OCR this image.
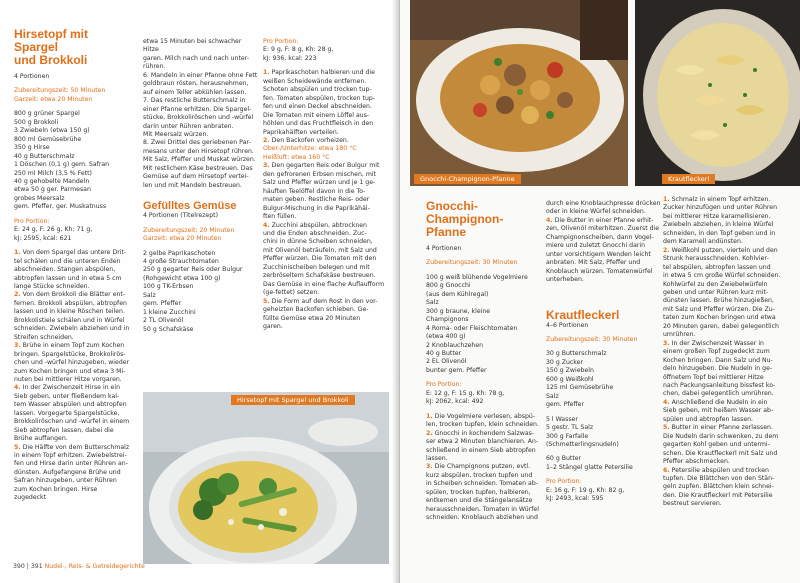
Hirsetopf mit Spargel
und Brokkoli

4 Portionen

Zubereitungszeit: 50 Minuten

Garzeit: etwa 20 Minuten

800 g grüner Spargel

500 g Brokkoli

3 Zwiebeln (etwa 150 g)

800 ml Gemüsebrühe

350 g Hirse

40 g Butterschmalz

1 Döschen (0,1 g) gem. Safran

250 ml Milch (3,5 % Fett)

40 g gehobelte Mandeln

etwa 50 g ger. Parmesan

grobes Meersalz

gem. Pfeffer, ger. Muskatnuss

Pro Portion:

E: 24 g, F: 26 g, Kh: 71 g,

kJ: 2595, kcal: 621

1. Von dem Spargel das untere Drit-

tel schälen und die unteren Enden

abschneiden. Stangen abspülen,

abtropfen lassen und in etwa 5 cm

lange Stücke schneiden.

2. Von dem Brokkoli die Blätter ent-

fernen. Brokkoli abspülen, abtropfen

lassen und in kleine Röschen teilen.

Brokkolistiele schälen und in Würfel

schneiden. Zwiebeln abziehen und in

Streifen schneiden.

3. Brühe in einem Topf zum Kochen

bringen. Spargelstücke, Brokkolirös-

chen und -würfel hinzugeben, wieder

zum Kochen bringen und etwa 3 Mi-

nuten bei mittlerer Hitze vorgaren.

4. In der Zwischenzeit Hirse in ein

Sieb geben, unter fließendem kal-

tem Wasser abspülen und abtropfen

lassen. Vorgegarte Spargelstücke,

Brokkoliröschen und -würfel in einem

Sieb abtropfen lassen, dabei die

Brühe auffangen.

5. Die Hälfte von dem Butterschmalz

in einem Topf erhitzen. Zwiebelstrei-

fen und Hirse darin unter Rühren an-

dünsten. Aufgefangene Brühe und

Safran hinzugeben, unter Rühren

zum Kochen bringen. Hirse zugedeckt

etwa 15 Minuten bei schwacher Hitze

garen. Milch nach und nach unter-

rühren.

6. Mandeln in einer Pfanne ohne Fett

goldbraun rösten, herausnehmen,

auf einem Teller abkühlen lassen.

7. Das restliche Butterschmalz in

einer Pfanne erhitzen. Die Spargel-

stücke, Brokkoliröschen und -würfel

darin unter Rühren anbraten.

Mit Meersalz würzen.

8. Zwei Drittel des geriebenen Par-

mesans unter den Hirsetopf rühren.

Mit Salz, Pfeffer und Muskat würzen.

Mit restlichem Käse bestreuen. Das

Gemüse auf dem Hirsetopf vertei-

len und mit Mandeln bestreuen.

Gefülltes Gemüse

4 Portionen (Titelrezept)

Zubereitungszeit: 20 Minuten

Garzeit: etwa 20 Minuten

2 gelbe Paprikaschoten

4 große Strauchtomaten

250 g gegarter Reis oder Bulgur

(Rohgewicht etwa 100 g)

100 g TK-Erbsen

Salz

gem. Pfeffer

1 kleine Zucchini

2 TL Olivenöl

50 g Schafskäse

Pro Portion:

E: 9 g, F: 8 g, Kh: 28 g,

kJ: 936, kcal: 223

1. Paprikaschoten halbieren und die

weißen Scheidewände entfernen.

Schoten abspülen und trocken tup-

fen. Tomaten abspülen, trocken tup-

fen und einen Deckel abschneiden.

Die Tomaten mit einem Löffel aus-

höhlen und das Fruchtfleisch in den

Paprikahälften verteilen.

2. Den Backofen vorheizen.

Ober-/Unterhitze: etwa 180 °C

Heißluft: etwa 160 °C

3. Den gegarten Reis oder Bulgur mit

den gefrorenen Erbsen mischen, mit

Salz und Pfeffer würzen und je 1 ge-

häuften Teelöffel davon in die To-

maten geben. Restliche Reis- oder

Bulgur-Mischung in die Paprikähäl-

ften füllen.

4. Zucchini abspülen, abtrocknen

und die Enden abschneiden. Zuc-

chini in dünne Scheiben schneiden,

mit Olivenöl beträufeln, mit Salz und

Pfeffer würzen. Die Tomaten mit den

Zucchinischeiben belegen und mit

zerbröseltem Schafskäse bestreuen.

Das Gemüse in eine flache Auflaufform

(ge-fettet) setzen.

5. Die Form auf dem Rost in den vor-

geheizten Backofen schieben. Ge-

füllte Gemüse etwa 20 Minuten

garen.

Hirsetopf mit Spargel und Brokkoli
390 | 391 Nudel-, Reis- & Getreidegerichte
Gnocchi-Champignon-Pfanne	Krautfleckerl
Gnocchi-Champignon-
Pfanne

4 Portionen

Zubereitungszeit: 30 Minuten

100 g weiß blühende Vogelmiere

800 g Gnocchi

(aus dem Kühlregal)

Salz

300 g braune, kleine

Champignons

4 Roma- oder Fleischtomaten

(etwa 400 g)

2 Knoblauchzehen

40 g Butter

2 EL Olivenöl

bunter gem. Pfeffer

Pro Portion:

E: 12 g, F: 15 g, Kh: 78 g,

kJ: 2062, kcal: 492

1. Die Vogelmiere verlesen, abspü-

len, trocken tupfen, klein schneiden.

2. Gnocchi in kochendem Salzwas-

ser etwa 2 Minuten blanchieren. An-

schließend in einem Sieb abtropfen

lassen.

3. Die Champignons putzen, evtl.

kurz abspülen, trocken tupfen und

in Scheiben schneiden. Tomaten ab-

spülen, trocken tupfen, halbieren,

entkernen und die Stängelansätze

herausschneiden. Tomaten in Würfel

schneiden. Knoblauch abziehen und

durch eine Knoblauchpresse drücken

oder in kleine Würfel schneiden.

4. Die Butter in einer Pfanne erhit-

zen, Olivenöl miterhitzen. Zuerst die

Champignonscheiben, dann Vogel-

miere und zuletzt Gnocchi darin

unter vorsichtigem Wenden leicht

anbraten. Mit Salz, Pfeffer und

Knoblauch würzen. Tomatenwürfel

unterheben.

Krautfleckerl

4–6 Portionen

Zubereitungszeit: 30 Minuten

30 g Butterschmalz

30 g Zucker

150 g Zwiebeln

600 g Weißkohl

125 ml Gemüsebrühe

Salz

gem. Pfeffer

5 l Wasser

5 gestr. TL Salz

300 g Farfalle

(Schmetterlingsnudeln)

60 g Butter

1–2 Stängel glatte Petersilie

Pro Portion:

E: 16 g, F: 19 g, Kh: 82 g,

kJ: 2493, kcal: 595

1. Schmalz in einem Topf erhitzen.

Zucker hinzufügen und unter Rühren

bei mittlerer Hitze karamellisieren.

Zwiebeln abziehen, in kleine Würfel

schneiden, in den Topf geben und in

dem Karamell andünsten.

2. Weißkohl putzen, vierteln und den

Strunk herausschneiden. Kohlvier-

tel abspülen, abtropfen lassen und

in etwa 5 cm große Würfel schneiden.

Kohlwürfel zu den Zwiebelwürfeln

geben und unter Rühren kurz mit-

dünsten lassen. Brühe hinzugießen,

mit Salz und Pfeffer würzen. Die Zu-

taten zum Kochen bringen und etwa

20 Minuten garen, dabei gelegentlich

umrühren.

3. In der Zwischenzeit Wasser in

einem großen Topf zugedeckt zum

Kochen bringen. Dann Salz und Nu-

deln hinzugeben. Die Nudeln in ge-

öffnetem Topf bei mittlerer Hitze

nach Packungsanleitung bissfest ko-

chen, dabei gelegentlich umrühren.

4. Anschließend die Nudeln in ein

Sieb geben, mit heißem Wasser ab-

spülen und abtropfen lassen.

5. Butter in einer Pfanne zerlassen.

Die Nudeln darin schwenken, zu dem

gegarten Kohl geben und untermi-

schen. Die Krautfleckerl mit Salz und

Pfeffer abschmecken.

6. Petersilie abspülen und trocken

tupfen. Die Blättchen von den Stän-

geln zupfen. Blättchen klein schnei-

den. Die Krautfleckerl mit Petersilie

bestreut servieren.
